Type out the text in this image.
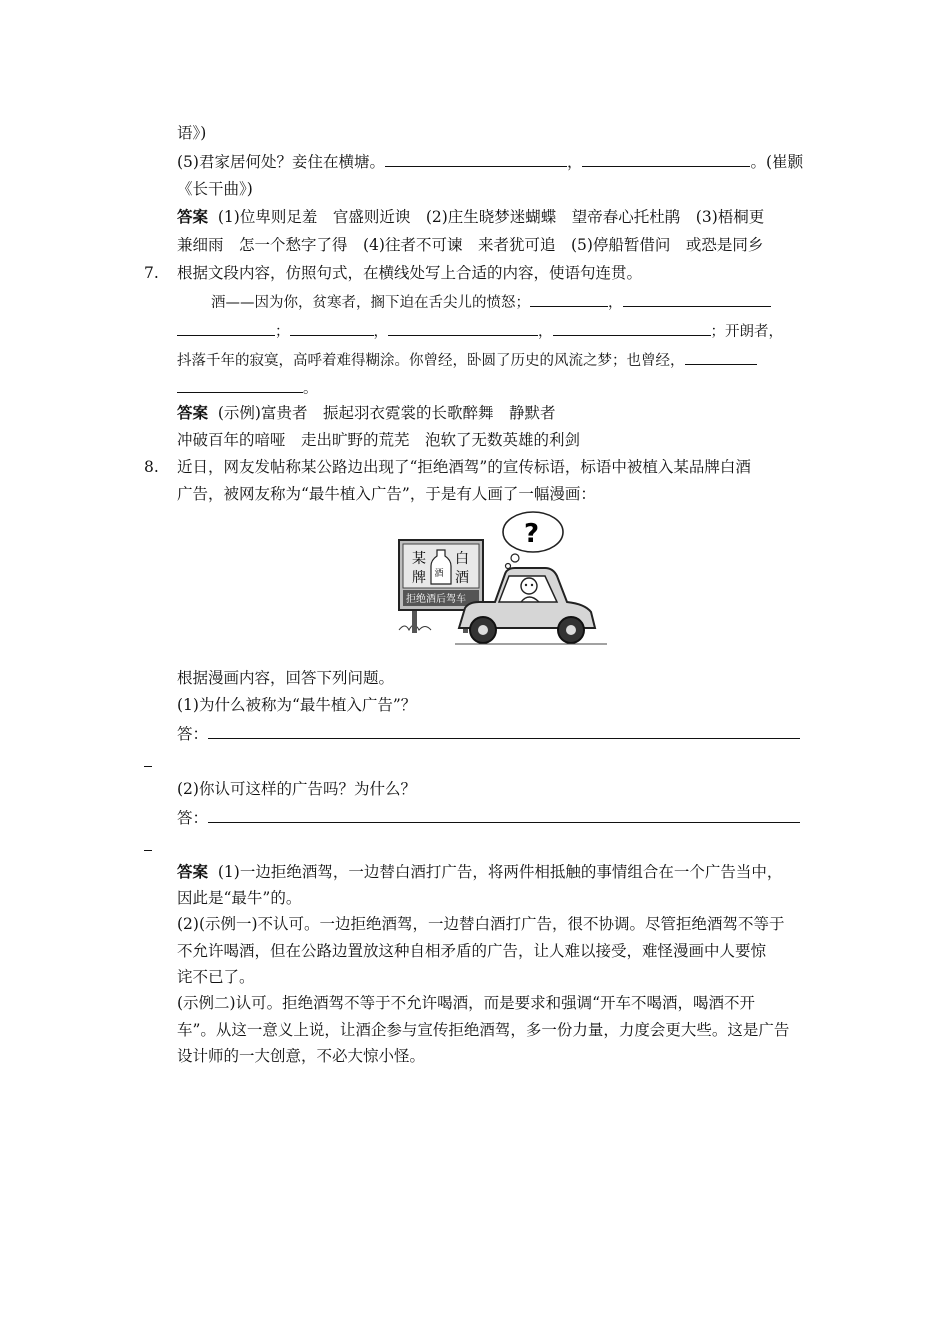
语》)
(5)君家居何处？妾住在横塘。	，	。(崔颢
《长干曲》)
答案 (1)位卑则足羞　官盛则近谀　(2)庄生晓梦迷蝴蝶　望帝春心托杜鹃　(3)梧桐更
兼细雨　怎一个愁字了得　(4)往者不可谏　来者犹可追　(5)停船暂借问　或恐是同乡
7. 根据文段内容，仿照句式，在横线处写上合适的内容，使语句连贯。
酒——因为你，贫寒者，搁下迫在舌尖儿的愤怒；	，
；	，	，	；开朗者，
抖落千年的寂寞，高呼着难得糊涂。你曾经，卧圆了历史的风流之梦；也曾经，
。
答案 (示例)富贵者　振起羽衣霓裳的长歌醉舞　静默者
冲破百年的喑哑　走出旷野的荒芜　泡软了无数英雄的利剑
8. 近日，网友发帖称某公路边出现了“拒绝酒驾”的宣传标语，标语中被植入某品牌白酒
广告，被网友称为“最牛植入广告”，于是有人画了一幅漫画：
某 白
牌 酒
酒
拒绝酒后驾车
?
根据漫画内容，回答下列问题。
(1)为什么被称为“最牛植入广告”？
答：
(2)你认可这样的广告吗？为什么？
答：
答案 (1)一边拒绝酒驾，一边替白酒打广告，将两件相抵触的事情组合在一个广告当中，
因此是“最牛”的。
(2)(示例一)不认可。一边拒绝酒驾，一边替白酒打广告，很不协调。尽管拒绝酒驾不等于
不允许喝酒，但在公路边置放这种自相矛盾的广告，让人难以接受，难怪漫画中人要惊
诧不已了。
(示例二)认可。拒绝酒驾不等于不允许喝酒，而是要求和强调“开车不喝酒，喝酒不开
车”。从这一意义上说，让酒企参与宣传拒绝酒驾，多一份力量，力度会更大些。这是广告
设计师的一大创意，不必大惊小怪。
